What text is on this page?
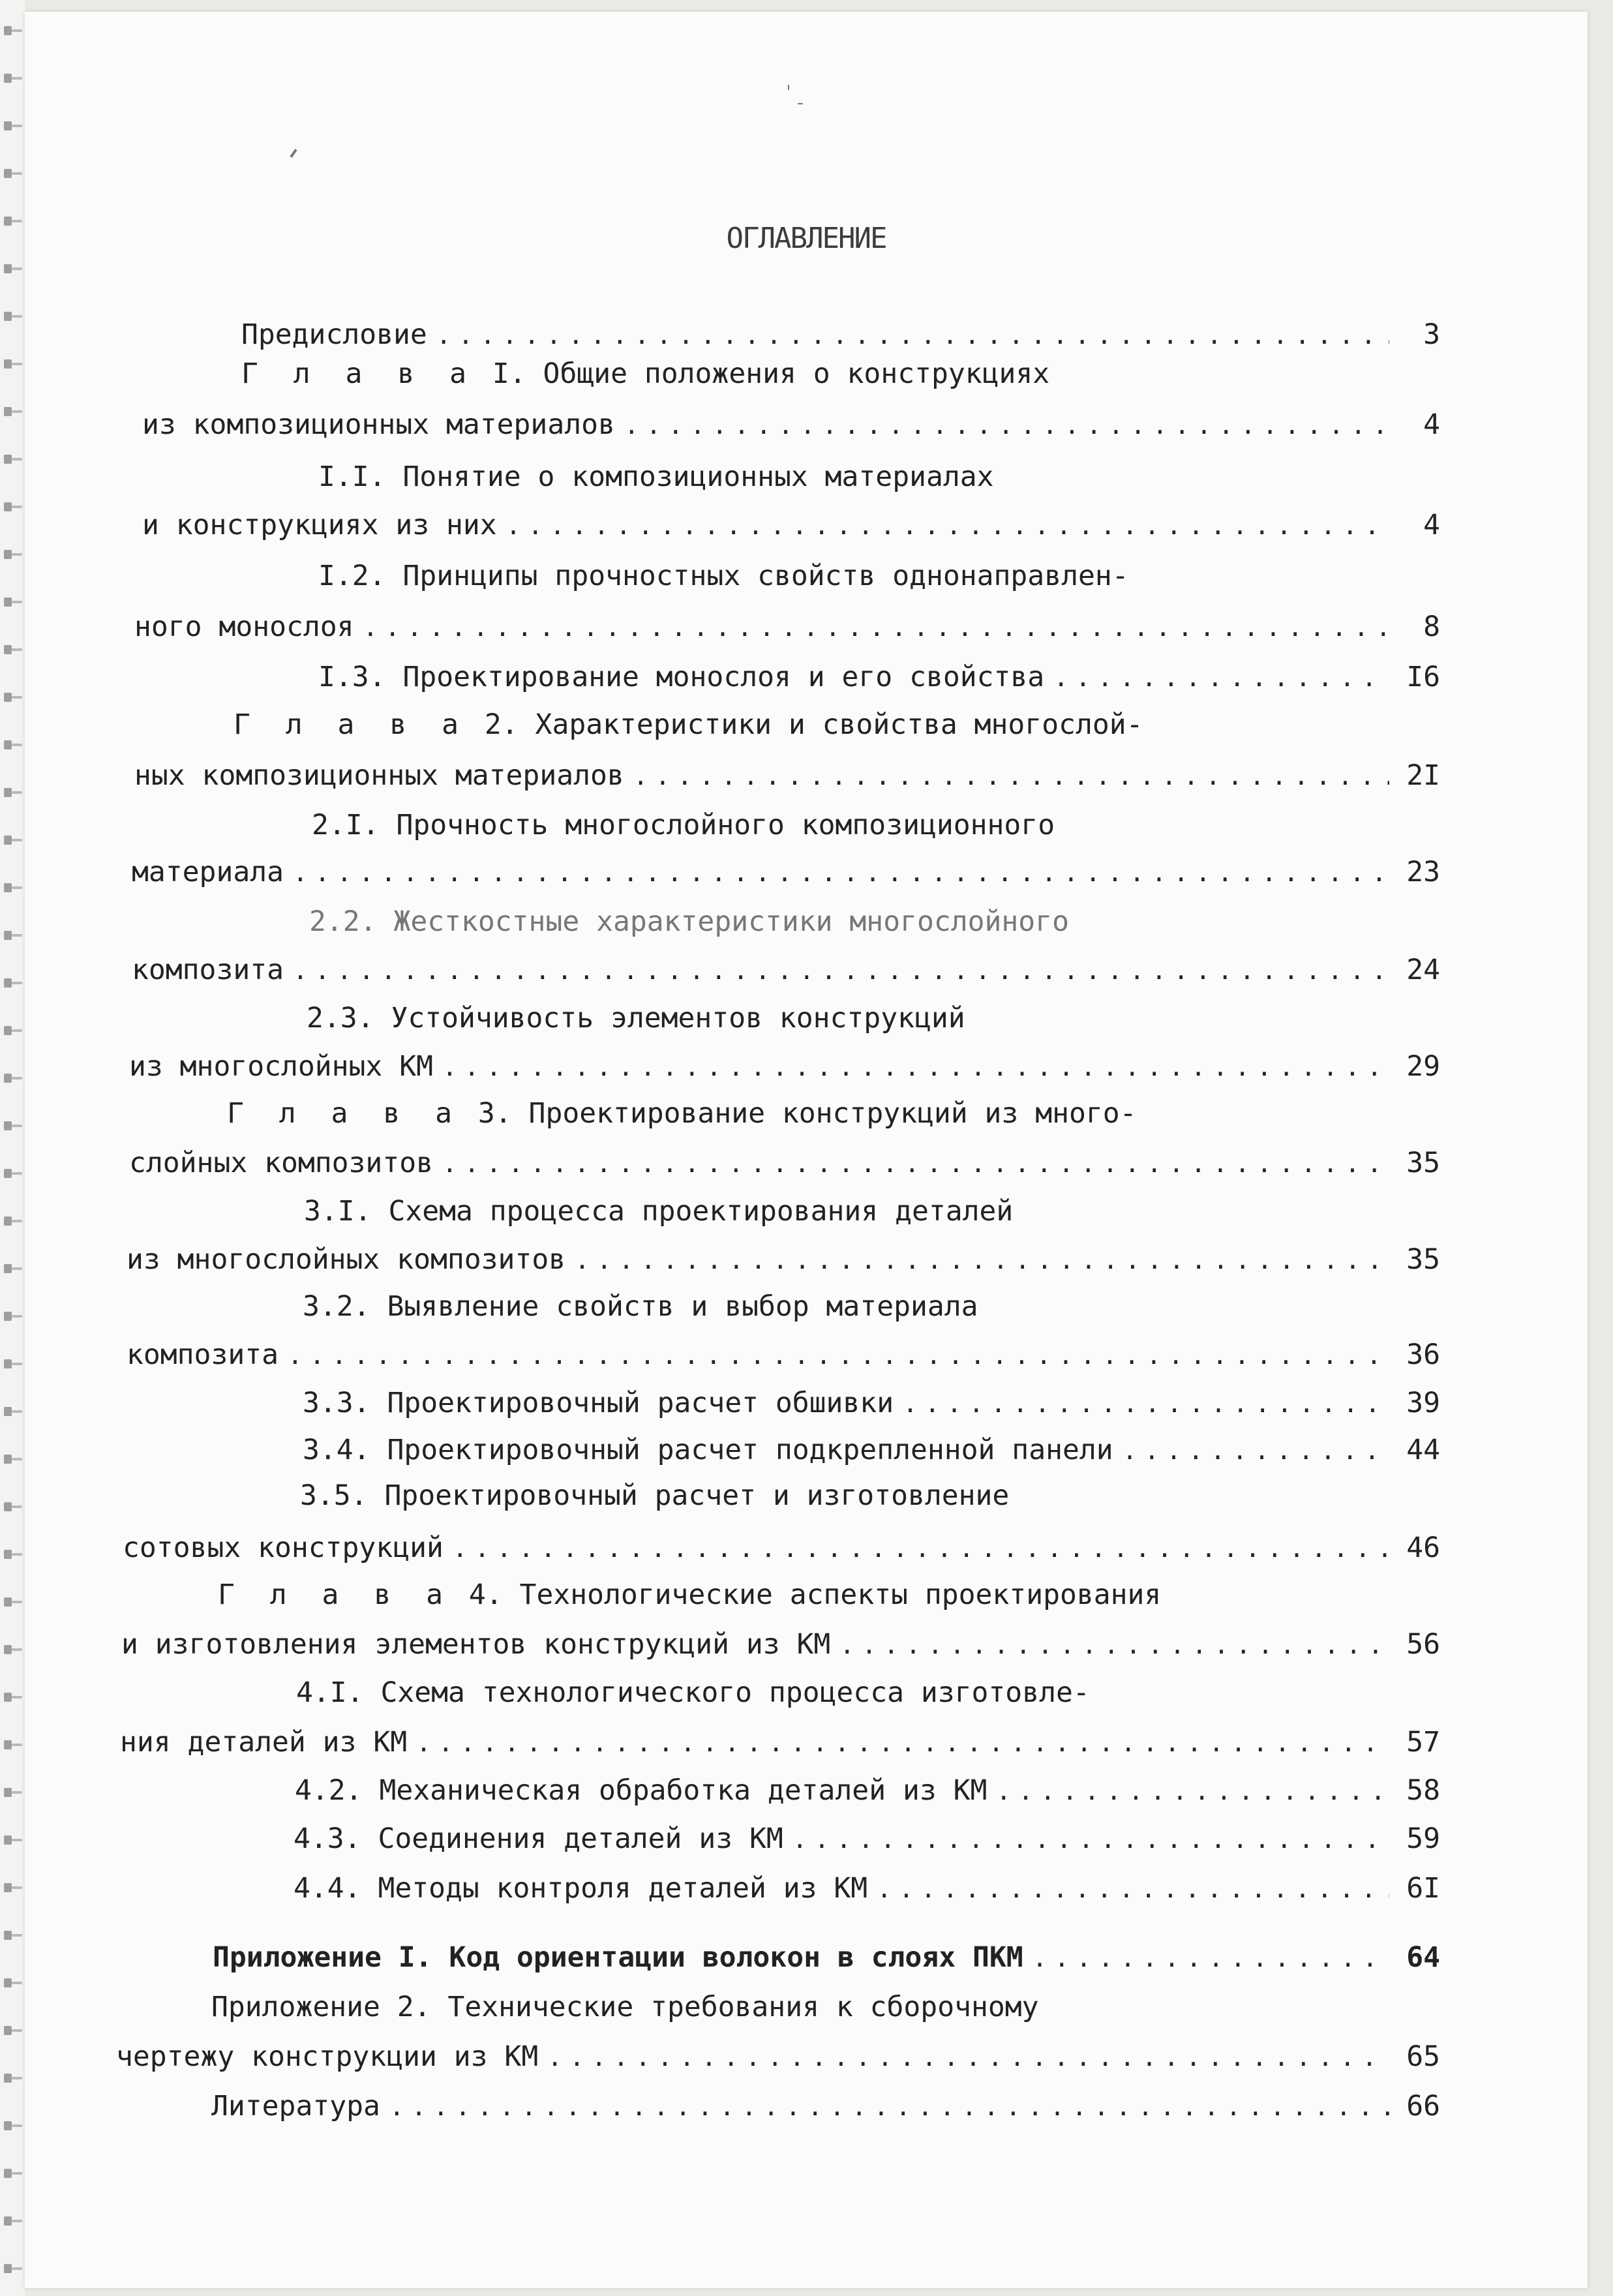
ОГЛАВЛЕНИЕ
Предисловие . . .	3
Г л а в а I. Общие положения о конструкциях
из композиционных материалов . . .	4
I.I. Понятие о композиционных материалах
и конструкциях из них . . .	4
I.2. Принципы прочностных свойств однонаправлен-
ного монослоя . . .	8
I.3. Проектирование монослоя и его свойства . . .	I6
Г л а в а 2. Характеристики и свойства многослой-
ных композиционных материалов . . .	2I
2.I. Прочность многослойного композиционного
материала . . .	23
2.2. Жесткостные характеристики многослойного
композита . . .	24
2.3. Устойчивость элементов конструкций
из многослойных КМ . . .	29
Г л а в а 3. Проектирование конструкций из много-
слойных композитов . . .	35
3.I. Схема процесса проектирования деталей
из многослойных композитов . . .	35
3.2. Выявление свойств и выбор материала
композита . . .	36
3.3. Проектировочный расчет обшивки . . .	39
3.4. Проектировочный расчет подкрепленной панели . . .	44
3.5. Проектировочный расчет и изготовление
сотовых конструкций . . .	46
Г л а в а 4. Технологические аспекты проектирования
и изготовления элементов конструкций из КМ . . .	56
4.I. Схема технологического процесса изготовле-
ния деталей из КМ . . .	57
4.2. Механическая обработка деталей из КМ . . .	58
4.3. Соединения деталей из КМ . . .	59
4.4. Методы контроля деталей из КМ . . .	6I
Приложение I. Код ориентации волокон в слоях ПКМ . . .	64
Приложение 2. Технические требования к сборочному
чертежу конструкции из КМ . . .	65
Литература . . .	66
